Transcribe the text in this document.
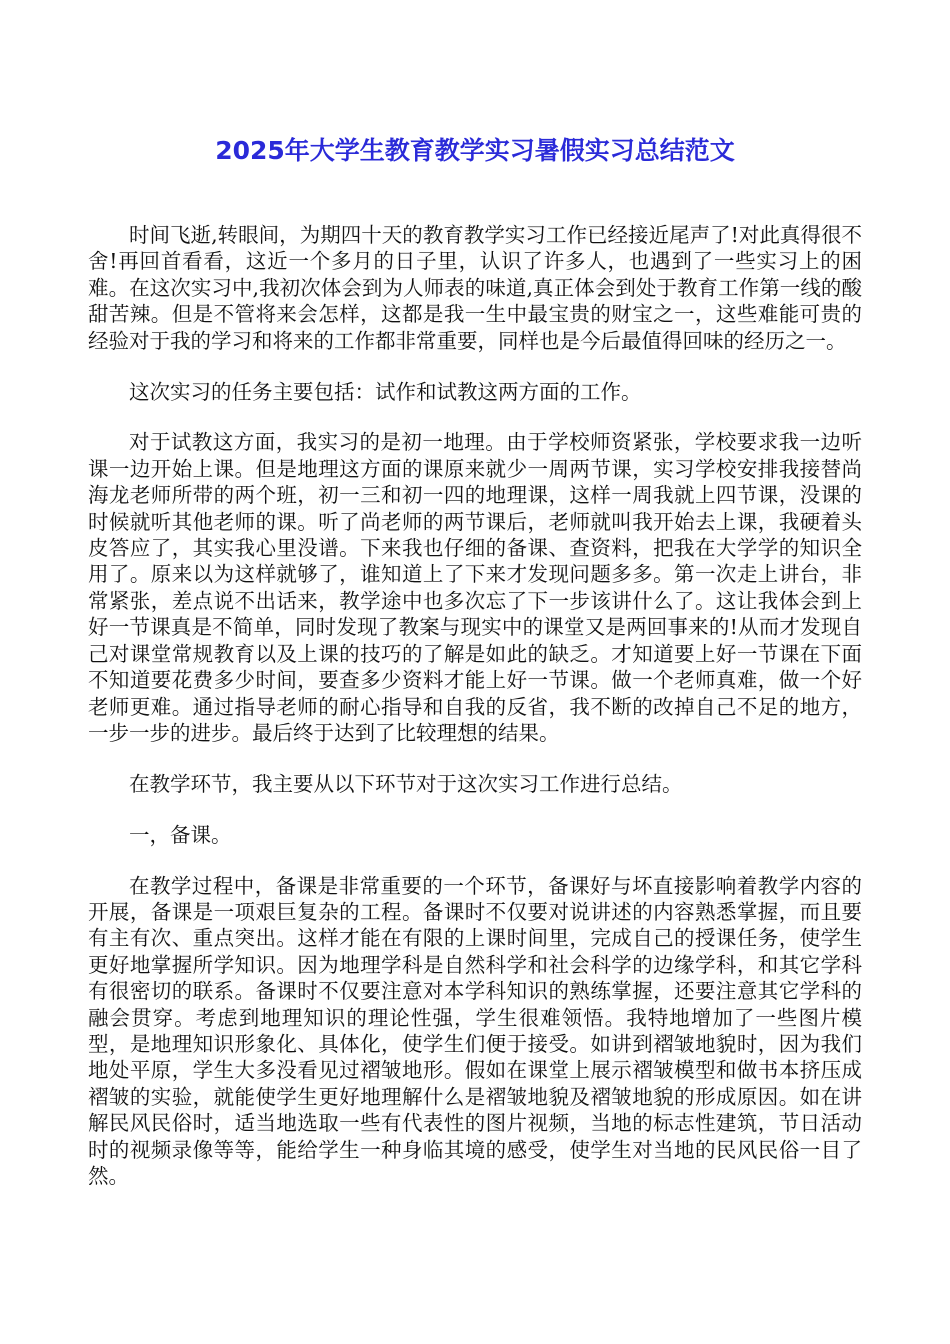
2025年大学生教育教学实习暑假实习总结范文

时间飞逝,转眼间，为期四十天的教育教学实习工作已经接近尾声了!对此真得很不舍!再回首看看，这近一个多月的日子里，认识了许多人，也遇到了一些实习上的困难。在这次实习中,我初次体会到为人师表的味道,真正体会到处于教育工作第一线的酸甜苦辣。但是不管将来会怎样，这都是我一生中最宝贵的财宝之一，这些难能可贵的经验对于我的学习和将来的工作都非常重要，同样也是今后最值得回味的经历之一。

这次实习的任务主要包括：试作和试教这两方面的工作。

对于试教这方面，我实习的是初一地理。由于学校师资紧张，学校要求我一边听课一边开始上课。但是地理这方面的课原来就少一周两节课，实习学校安排我接替尚海龙老师所带的两个班，初一三和初一四的地理课，这样一周我就上四节课，没课的时候就听其他老师的课。听了尚老师的两节课后，老师就叫我开始去上课，我硬着头皮答应了，其实我心里没谱。下来我也仔细的备课、查资料，把我在大学学的知识全用了。原来以为这样就够了，谁知道上了下来才发现问题多多。第一次走上讲台，非常紧张，差点说不出话来，教学途中也多次忘了下一步该讲什么了。这让我体会到上好一节课真是不简单，同时发现了教案与现实中的课堂又是两回事来的!从而才发现自己对课堂常规教育以及上课的技巧的了解是如此的缺乏。才知道要上好一节课在下面不知道要花费多少时间，要查多少资料才能上好一节课。做一个老师真难，做一个好老师更难。通过指导老师的耐心指导和自我的反省，我不断的改掉自己不足的地方，一步一步的进步。最后终于达到了比较理想的结果。

在教学环节，我主要从以下环节对于这次实习工作进行总结。

一，备课。

在教学过程中，备课是非常重要的一个环节，备课好与坏直接影响着教学内容的开展，备课是一项艰巨复杂的工程。备课时不仅要对说讲述的内容熟悉掌握，而且要有主有次、重点突出。这样才能在有限的上课时间里，完成自己的授课任务，使学生更好地掌握所学知识。因为地理学科是自然科学和社会科学的边缘学科，和其它学科有很密切的联系。备课时不仅要注意对本学科知识的熟练掌握，还要注意其它学科的融会贯穿。考虑到地理知识的理论性强，学生很难领悟。我特地增加了一些图片模型，是地理知识形象化、具体化，使学生们便于接受。如讲到褶皱地貌时，因为我们地处平原，学生大多没看见过褶皱地形。假如在课堂上展示褶皱模型和做书本挤压成褶皱的实验，就能使学生更好地理解什么是褶皱地貌及褶皱地貌的形成原因。如在讲解民风民俗时，适当地选取一些有代表性的图片视频，当地的标志性建筑，节日活动时的视频录像等等，能给学生一种身临其境的感受，使学生对当地的民风民俗一目了然。
